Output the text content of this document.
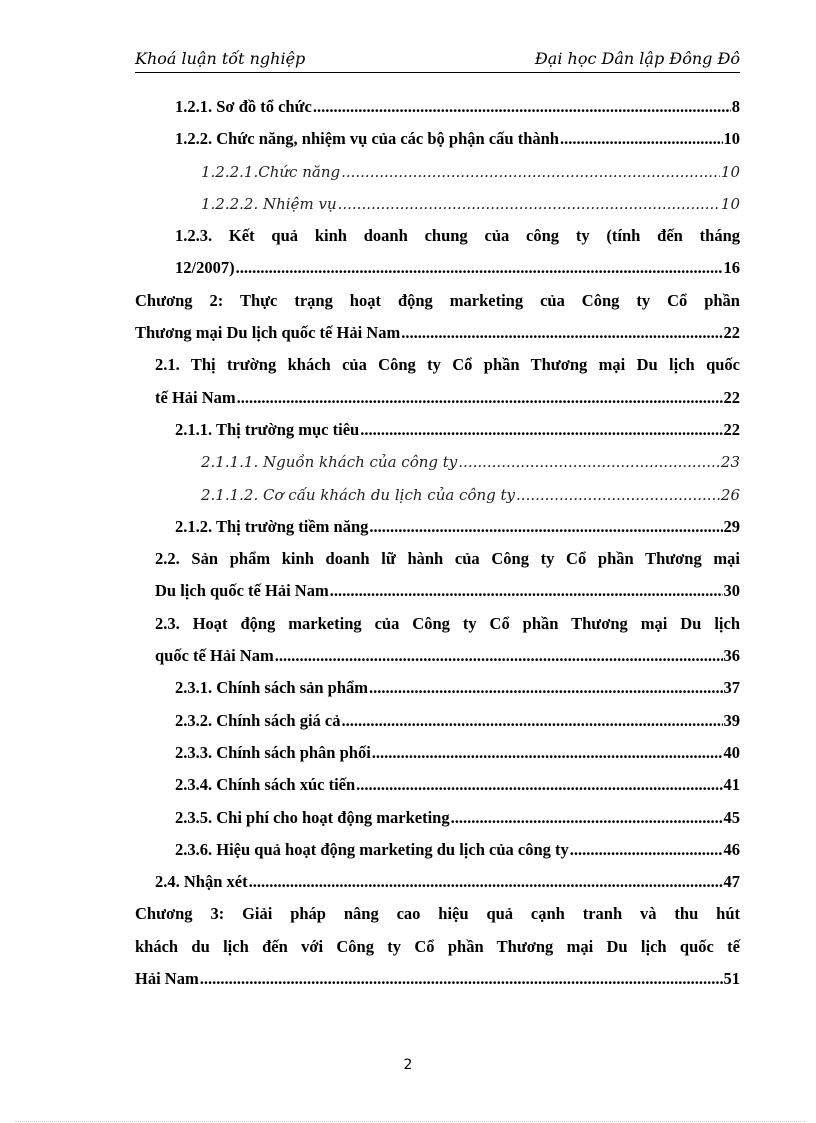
Khoá luận tốt nghiệp	Đại học Dân lập Đông Đô
1.2.1. Sơ đồ tổ chức .....	8
1.2.2. Chức năng, nhiệm vụ của các bộ phận cấu thành .....	10
1.2.2.1.Chức năng .....	10
1.2.2.2. Nhiệm vụ .....	10
1.2.3. Kết quả kinh doanh chung của công ty (tính đến tháng
12/2007) .....	16
Chương 2: Thực trạng hoạt động marketing của Công ty Cổ phần
Thương mại Du lịch quốc tế Hải Nam .....	22
2.1. Thị trường khách của Công ty Cổ phần Thương mại Du lịch quốc
tế Hải Nam .....	22
2.1.1. Thị trường mục tiêu .....	22
2.1.1.1. Nguồn khách của công ty .....	23
2.1.1.2. Cơ cấu khách du lịch của công ty .....	26
2.1.2. Thị trường tiềm năng .....	29
2.2. Sản phẩm kinh doanh lữ hành của Công ty Cổ phần Thương mại
Du lịch quốc tế Hải Nam .....	30
2.3. Hoạt động marketing của Công ty Cổ phần Thương mại Du lịch
quốc tế Hải Nam .....	36
2.3.1. Chính sách sản phẩm .....	37
2.3.2. Chính sách giá cả .....	39
2.3.3. Chính sách phân phối .....	40
2.3.4. Chính sách xúc tiến .....	41
2.3.5. Chi phí cho hoạt động marketing .....	45
2.3.6. Hiệu quả hoạt động marketing du lịch của công ty .....	46
2.4. Nhận xét .....	47
Chương 3: Giải pháp nâng cao hiệu quả cạnh tranh và thu hút
khách du lịch đến với Công ty Cổ phần Thương mại Du lịch quốc tế
Hải Nam .....	51
2
